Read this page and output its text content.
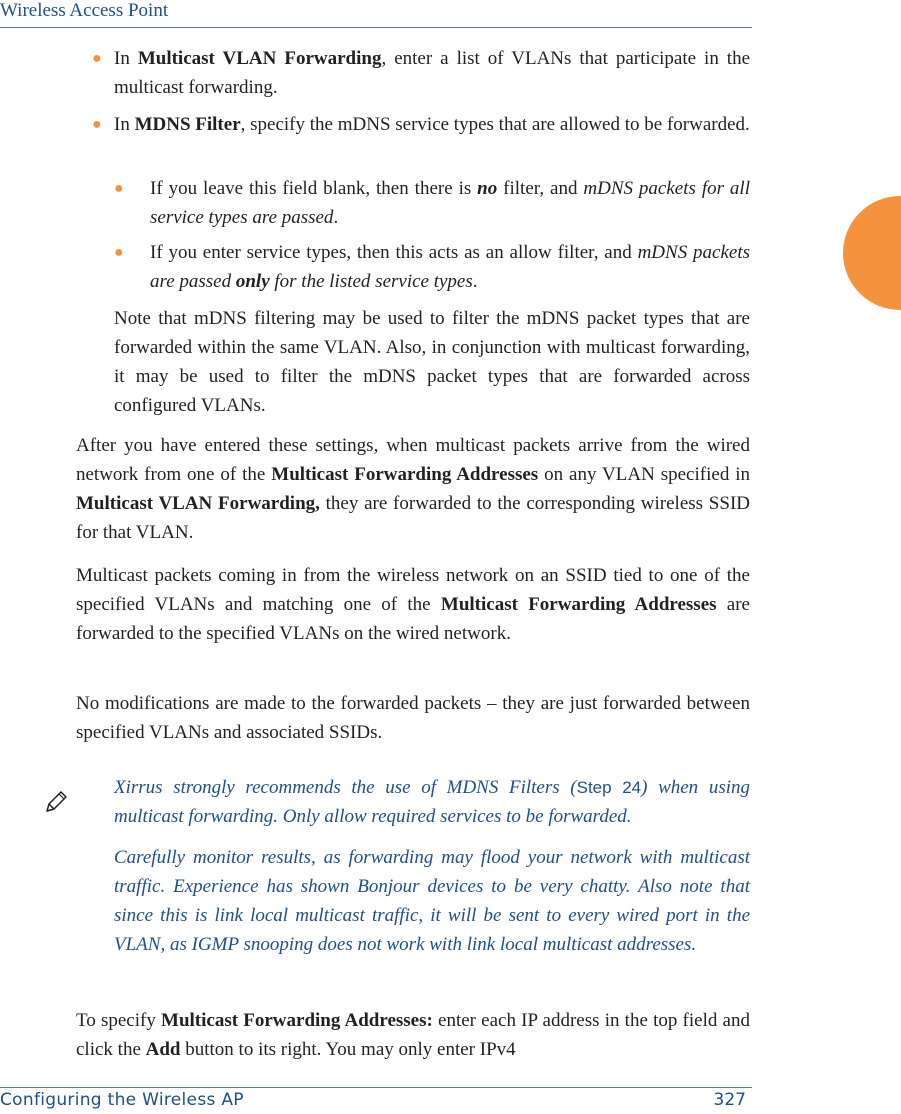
Wireless Access Point
● In Multicast VLAN Forwarding, enter a list of VLANs that participate in the multicast forwarding.
● In MDNS Filter, specify the mDNS service types that are allowed to be forwarded.
● If you leave this field blank, then there is no filter, and mDNS packets for all service types are passed.
● If you enter service types, then this acts as an allow filter, and mDNS packets are passed only for the listed service types.
Note that mDNS filtering may be used to filter the mDNS packet types that are forwarded within the same VLAN. Also, in conjunction with multicast forwarding, it may be used to filter the mDNS packet types that are forwarded across configured VLANs.
After you have entered these settings, when multicast packets arrive from the wired network from one of the Multicast Forwarding Addresses on any VLAN specified in Multicast VLAN Forwarding, they are forwarded to the corresponding wireless SSID for that VLAN.
Multicast packets coming in from the wireless network on an SSID tied to one of the specified VLANs and matching one of the Multicast Forwarding Addresses are forwarded to the specified VLANs on the wired network.
No modifications are made to the forwarded packets – they are just forwarded between specified VLANs and associated SSIDs.
Xirrus strongly recommends the use of MDNS Filters (Step 24) when using multicast forwarding. Only allow required services to be forwarded.
Carefully monitor results, as forwarding may flood your network with multicast traffic. Experience has shown Bonjour devices to be very chatty. Also note that since this is link local multicast traffic, it will be sent to every wired port in the VLAN, as IGMP snooping does not work with link local multicast addresses.
To specify Multicast Forwarding Addresses: enter each IP address in the top field and click the Add button to its right. You may only enter IPv4
Configuring the Wireless AP	327
